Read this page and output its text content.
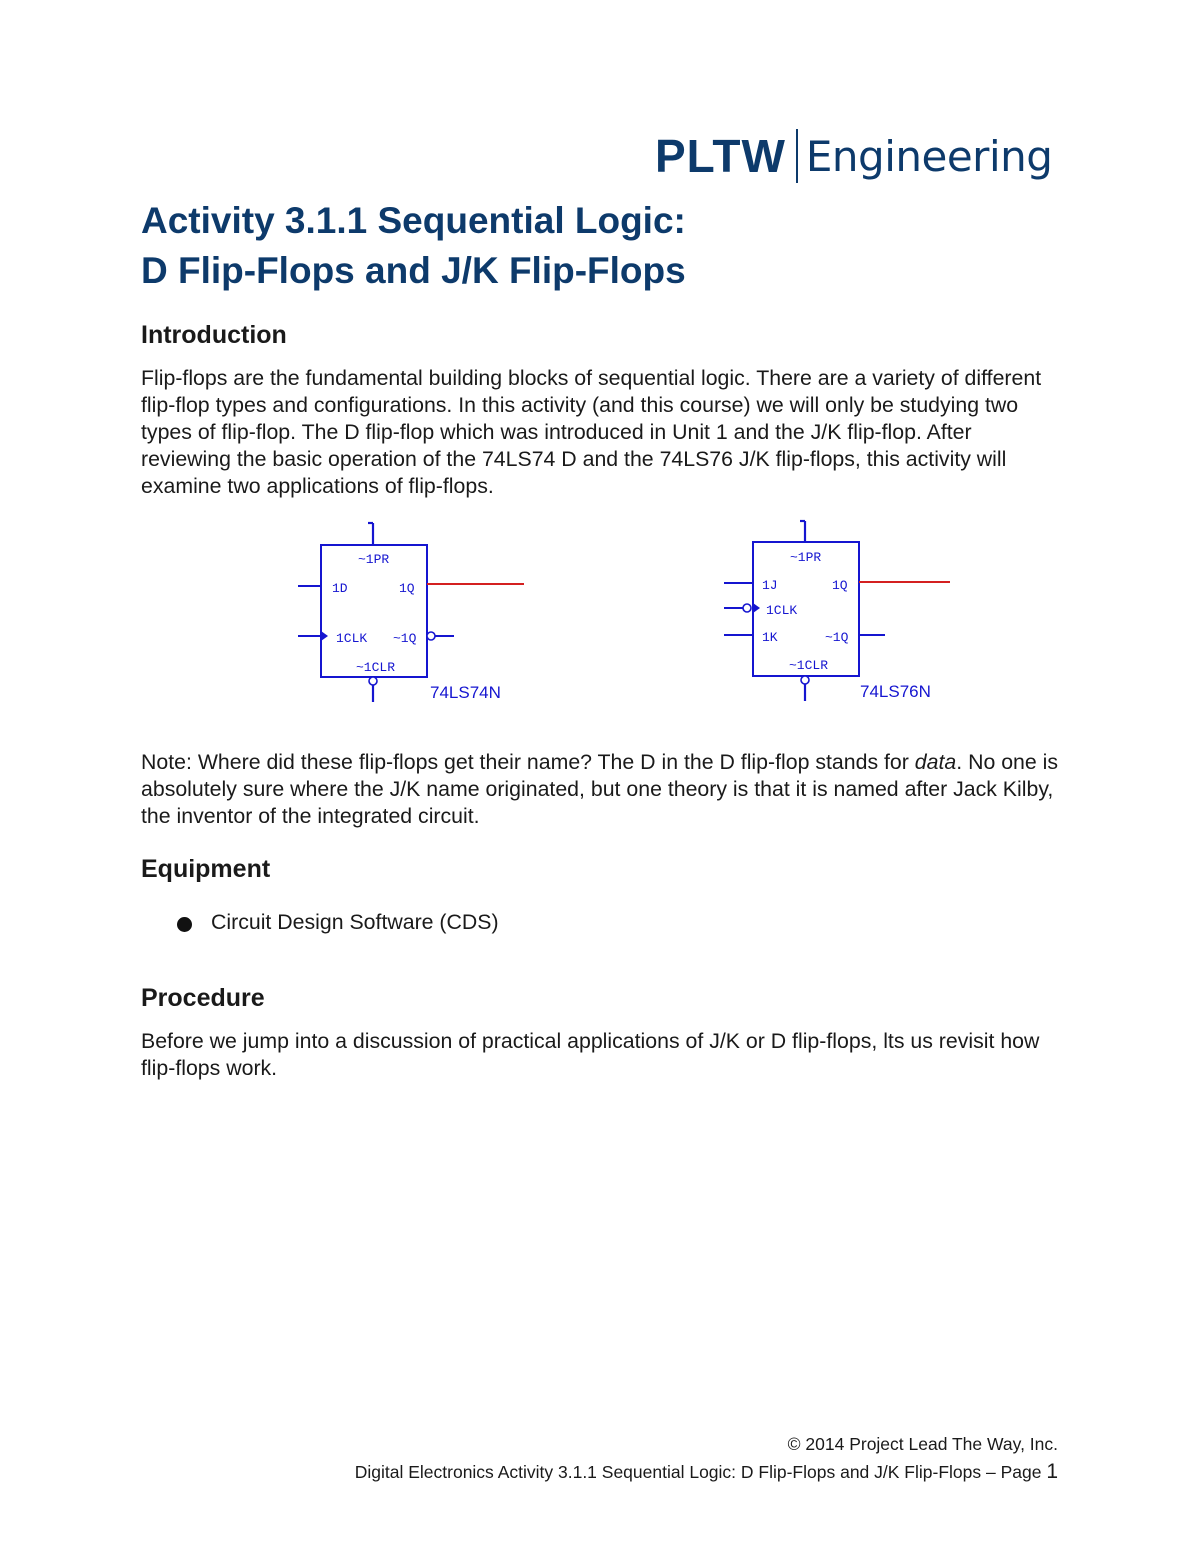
PLTW Engineering
Activity 3.1.1 Sequential Logic:
D Flip-Flops and J/K Flip-Flops
Introduction

Flip-flops are the fundamental building blocks of sequential logic. There are a variety of different flip-flop types and configurations. In this activity (and this course) we will only be studying two types of flip-flop. The D flip-flop which was introduced in Unit 1 and the J/K flip-flop. After reviewing the basic operation of the 74LS74 D and the 74LS76 J/K flip-flops, this activity will examine two applications of flip-flops.

~1PR
1D	1Q
1CLK ~1Q
~1CLR
74LS74N
~1PR
1J	1Q
1CLK
1K	~1Q
~1CLR
74LS76N

Note: Where did these flip-flops get their name? The D in the D flip-flop stands for data. No one is absolutely sure where the J/K name originated, but one theory is that it is named after Jack Kilby, the inventor of the integrated circuit.

Equipment
Circuit Design Software (CDS)
Procedure

Before we jump into a discussion of practical applications of J/K or D flip-flops, lts us revisit how flip-flops work.

© 2014 Project Lead The Way, Inc.
Digital Electronics Activity 3.1.1 Sequential Logic: D Flip-Flops and J/K Flip-Flops – Page 1
